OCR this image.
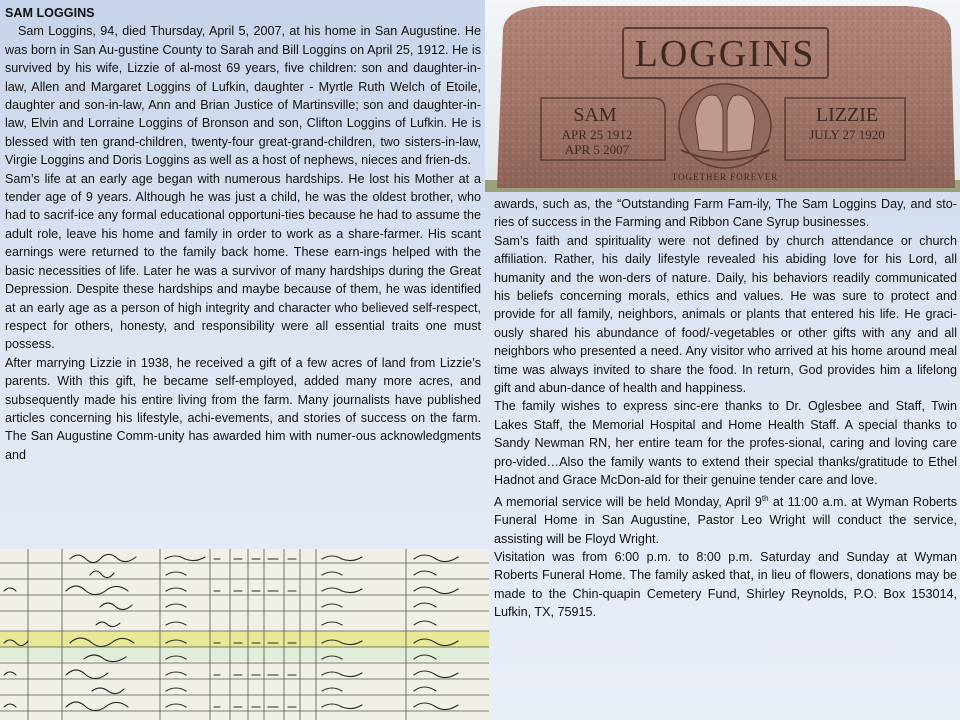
SAM LOGGINS

Sam Loggins, 94, died Thursday, April 5, 2007, at his home in San Augustine. He was born in San Au-gustine County to Sarah and Bill Loggins on April 25, 1912. He is survived by his wife, Lizzie of al-most 69 years, five children: son and daughter-in-law, Allen and Margaret Loggins of Lufkin, daughter - Myrtle Ruth Welch of Etoile, daughter and son-in-law, Ann and Brian Justice of Martinsville; son and daughter-in-law, Elvin and Lorraine Loggins of Bronson and son, Clifton Loggins of Lufkin. He is blessed with ten grand-children, twenty-four great-grand-children, two sisters-in-law, Virgie Loggins and Doris Loggins as well as a host of nephews, nieces and frien-ds.

Sam’s life at an early age began with numerous hardships. He lost his Mother at a tender age of 9 years. Although he was just a child, he was the oldest brother, who had to sacrif-ice any formal educational opportuni-ties because he had to assume the adult role, leave his home and family in order to work as a share-farmer. His scant earnings were returned to the family back home. These earn-ings helped with the basic necessities of life. Later he was a survivor of many hardships during the Great Depression. Despite these hardships and maybe because of them, he was identified at an early age as a person of high integrity and character who believed self-respect, respect for others, honesty, and responsibility were all essential traits one must possess.

After marrying Lizzie in 1938, he received a gift of a few acres of land from Lizzie’s parents. With this gift, he became self-employed, added many more acres, and subsequently made his entire living from the farm. Many journalists have published articles concerning his lifestyle, achi-evements, and stories of success on the farm. The San Augustine Comm-unity has awarded him with numer-ous acknowledgments and

LOGGINS
SAM
APR 25 1912
APR 5 2007
LIZZIE
JULY 27 1920
TOGETHER FOREVER

awards, such as, the “Outstanding Farm Fam-ily, The Sam Loggins Day, and sto-ries of success in the Farming and Ribbon Cane Syrup businesses.

Sam’s faith and spirituality were not defined by church attendance or church affiliation. Rather, his daily lifestyle revealed his abiding love for his Lord, all humanity and the won-ders of nature. Daily, his behaviors readily communicated his beliefs concerning morals, ethics and values. He was sure to protect and provide for all family, neighbors, animals or plants that entered his life. He graci-ously shared his abundance of food/-vegetables or other gifts with any and all neighbors who presented a need. Any visitor who arrived at his home around meal time was always invited to share the food. In return, God provides him a lifelong gift and abun-dance of health and happiness.

The family wishes to express sinc-ere thanks to Dr. Oglesbee and Staff, Twin Lakes Staff, the Memorial Hospital and Home Health Staff. A special thanks to Sandy Newman RN, her entire team for the profes-sional, caring and loving care pro-vided…Also the family wants to extend their special thanks/gratitude to Ethel Hadnot and Grace McDon-ald for their genuine tender care and love.

A memorial service will be held Monday, April 9th at 11:00 a.m. at Wyman Roberts Funeral Home in San Augustine, Pastor Leo Wright will conduct the service, assisting will be Floyd Wright.

Visitation was from 6:00 p.m. to 8:00 p.m. Saturday and Sunday at Wyman Roberts Funeral Home. The family asked that, in lieu of flowers, donations may be made to the Chin-quapin Cemetery Fund, Shirley Reynolds, P.O. Box 153014, Lufkin, TX, 75915.
